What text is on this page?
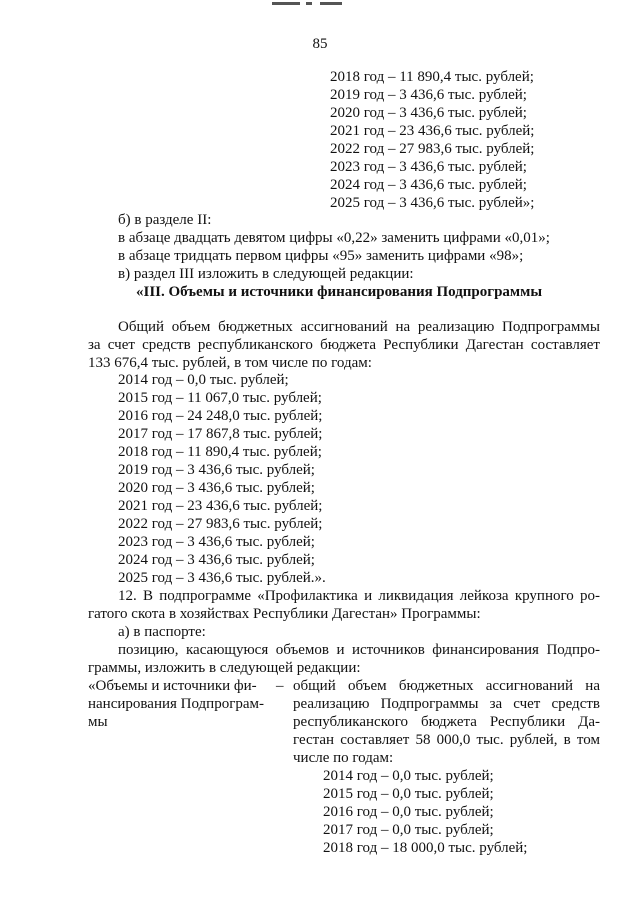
85
2018 год – 11 890,4 тыс. рублей;
2019 год – 3 436,6 тыс. рублей;
2020 год – 3 436,6 тыс. рублей;
2021 год – 23 436,6 тыс. рублей;
2022 год – 27 983,6 тыс. рублей;
2023 год – 3 436,6 тыс. рублей;
2024 год – 3 436,6 тыс. рублей;
2025 год – 3 436,6 тыс. рублей»;
б) в разделе II:
в абзаце двадцать девятом цифры «0,22» заменить цифрами «0,01»;
в абзаце тридцать первом цифры «95» заменить цифрами «98»;
в) раздел III изложить в следующей редакции:
«III. Объемы и источники финансирования Подпрограммы
Общий объем бюджетных ассигнований на реализацию Подпрограммы
за счет средств республиканского бюджета Республики Дагестан составляет
133 676,4 тыс. рублей, в том числе по годам:
2014 год – 0,0 тыс. рублей;
2015 год – 11 067,0 тыс. рублей;
2016 год – 24 248,0 тыс. рублей;
2017 год – 17 867,8 тыс. рублей;
2018 год – 11 890,4 тыс. рублей;
2019 год – 3 436,6 тыс. рублей;
2020 год – 3 436,6 тыс. рублей;
2021 год – 23 436,6 тыс. рублей;
2022 год – 27 983,6 тыс. рублей;
2023 год – 3 436,6 тыс. рублей;
2024 год – 3 436,6 тыс. рублей;
2025 год – 3 436,6 тыс. рублей.».
12. В подпрограмме «Профилактика и ликвидация лейкоза крупного ро-
гатого скота в хозяйствах Республики Дагестан» Программы:
а) в паспорте:
позицию, касающуюся объемов и источников финансирования Подпро-
граммы, изложить в следующей редакции:
«Объемы и источники фи-
нансирования Подпрограм-
мы
– общий объем бюджетных ассигнований на
реализацию Подпрограммы за счет средств
республиканского бюджета Республики Да-
гестан составляет 58 000,0 тыс. рублей, в том
числе по годам:
2014 год – 0,0 тыс. рублей;
2015 год – 0,0 тыс. рублей;
2016 год – 0,0 тыс. рублей;
2017 год – 0,0 тыс. рублей;
2018 год – 18 000,0 тыс. рублей;
